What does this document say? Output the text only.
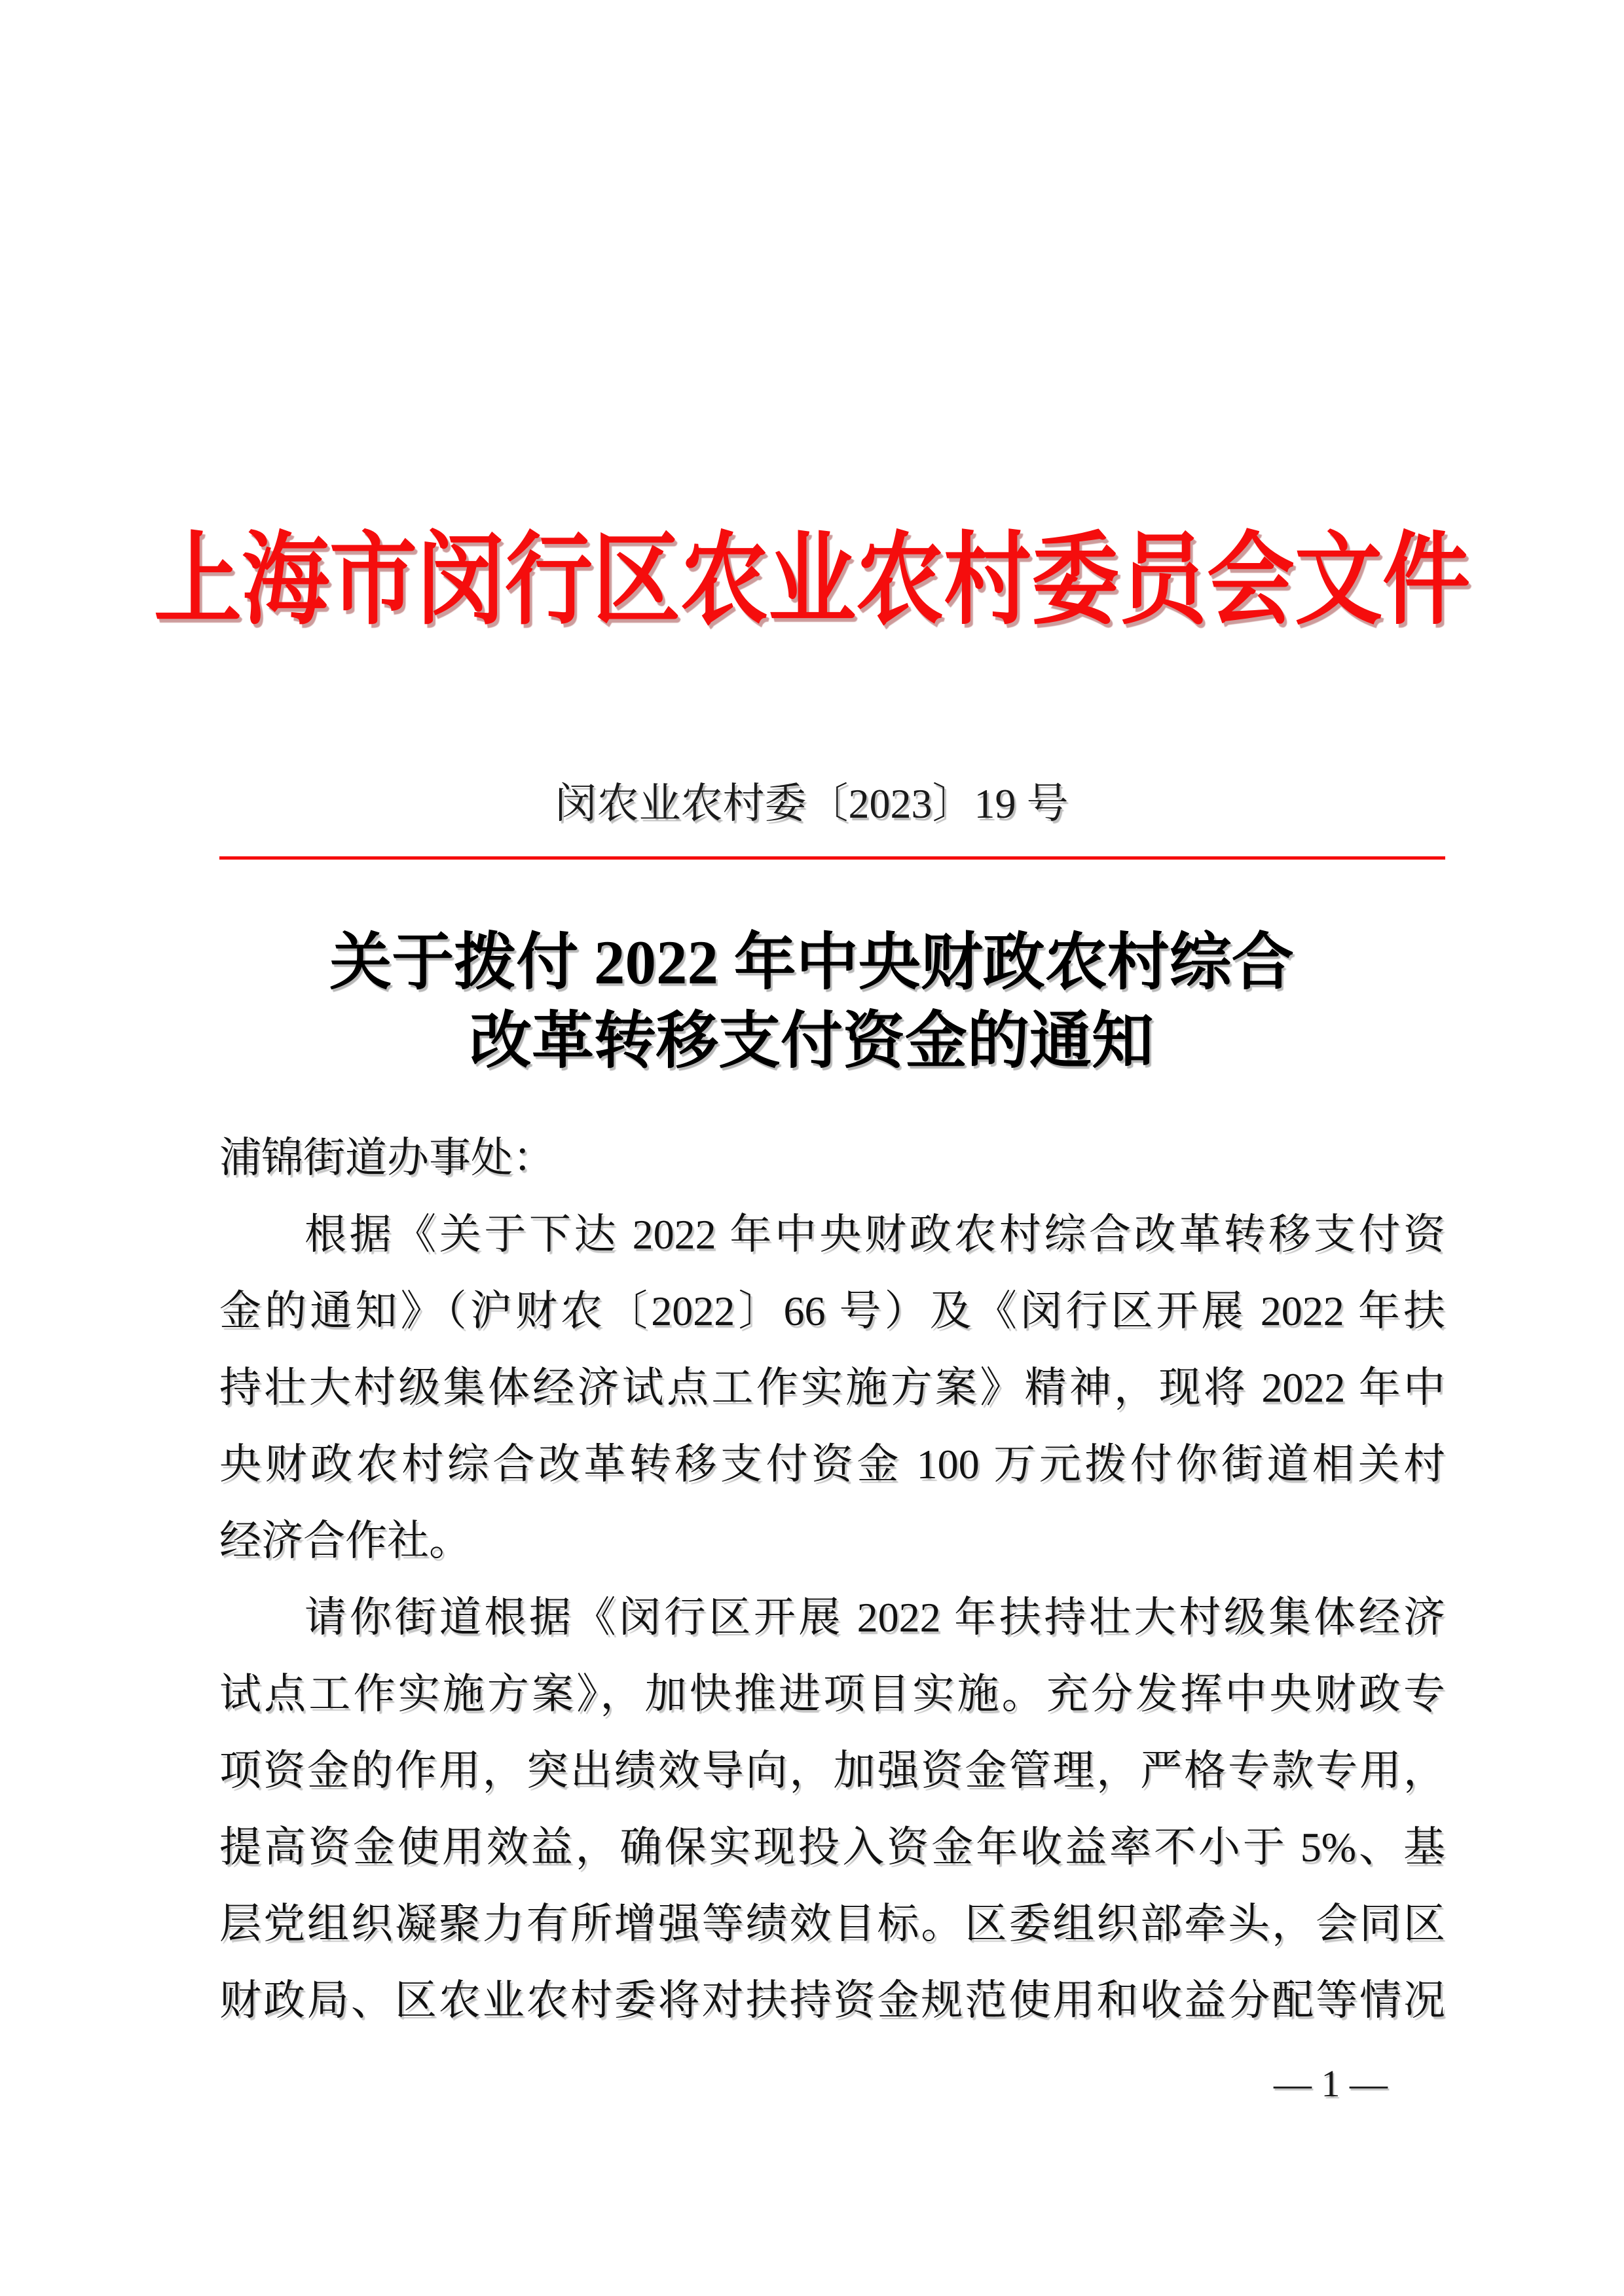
上海市闵行区农业农村委员会文件
闵农业农村委〔2023〕19 号
关于拨付 2022 年中央财政农村综合
改革转移支付资金的通知
浦锦街道办事处：
根据《关于下达 2022 年中央财政农村综合改革转移支付资
金的通知》（沪财农〔2022〕66 号）及《闵行区开展 2022 年扶
持壮大村级集体经济试点工作实施方案》精神，现将 2022 年中
央财政农村综合改革转移支付资金 100 万元拨付你街道相关村
经济合作社。
请你街道根据《闵行区开展 2022 年扶持壮大村级集体经济
试点工作实施方案》，加快推进项目实施。充分发挥中央财政专
项资金的作用，突出绩效导向，加强资金管理，严格专款专用，
提高资金使用效益，确保实现投入资金年收益率不小于 5%、基
层党组织凝聚力有所增强等绩效目标。区委组织部牵头，会同区
财政局、区农业农村委将对扶持资金规范使用和收益分配等情况
— 1 —
